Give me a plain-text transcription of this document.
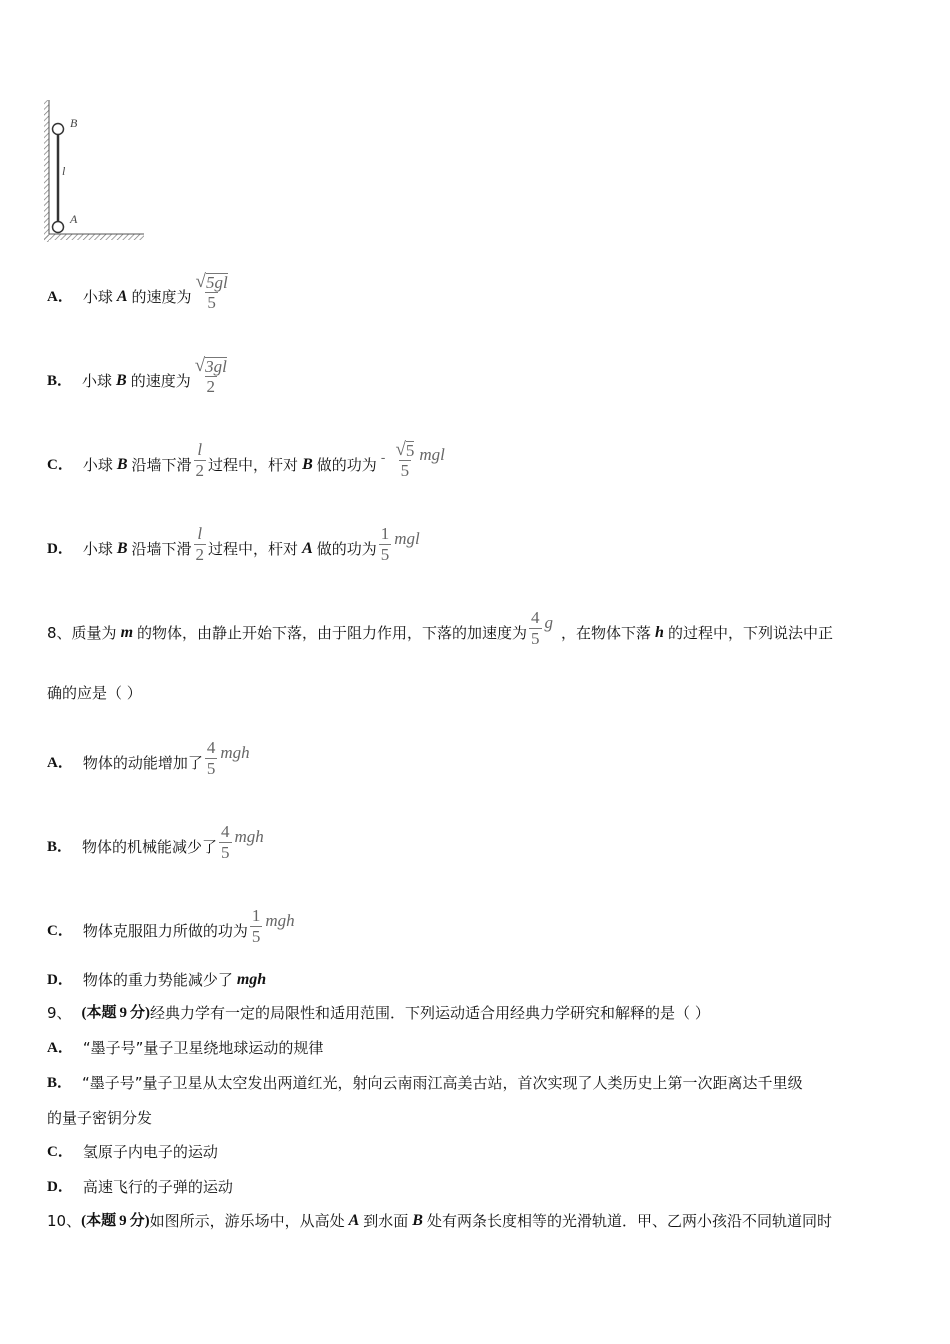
B
l
A
A． 小球 A 的速度为 $\frac{√ 5gl}{5}$
B． 小球 B 的速度为 $\frac{√ 3gl}{2}$
C． 小球 B 沿墙下滑 $\frac{l}{2}$ 过程中，杆对 B 做的功为 - $\frac{√ 5}{5}$ mgl
D． 小球 B 沿墙下滑 $\frac{l}{2}$ 过程中，杆对 A 做的功为 $\frac{1}{5}$ mgl
8、 质量为 m 的物体，由静止开始下落，由于阻力作用，下落的加速度为 $\frac{4}{5}$ g
，在物体下落 h 的过程中，下列说法中正
确的应是（ ）
A． 物体的动能增加了 $\frac{4}{5}$ mgh
B． 物体的机械能减少了 $\frac{4}{5}$ mgh
C． 物体克服阻力所做的功为 $\frac{1}{5}$ mgh
D． 物体的重力势能减少了 mgh
9、 (本题 9 分) 经典力学有一定的局限性和适用范围．下列运动适合用经典力学研究和解释的是（ ）
A． “墨子号”量子卫星绕地球运动的规律
B． “墨子号”量子卫星从太空发出两道红光，射向云南雨江高美古站，首次实现了人类历史上第一次距离达千里级
的量子密钥分发
C． 氢原子内电子的运动
D． 高速飞行的子弹的运动
10、 (本题 9 分) 如图所示，游乐场中，从高处 A 到水面 B 处有两条长度相等的光滑轨道．甲、乙两小孩沿不同轨道同时
